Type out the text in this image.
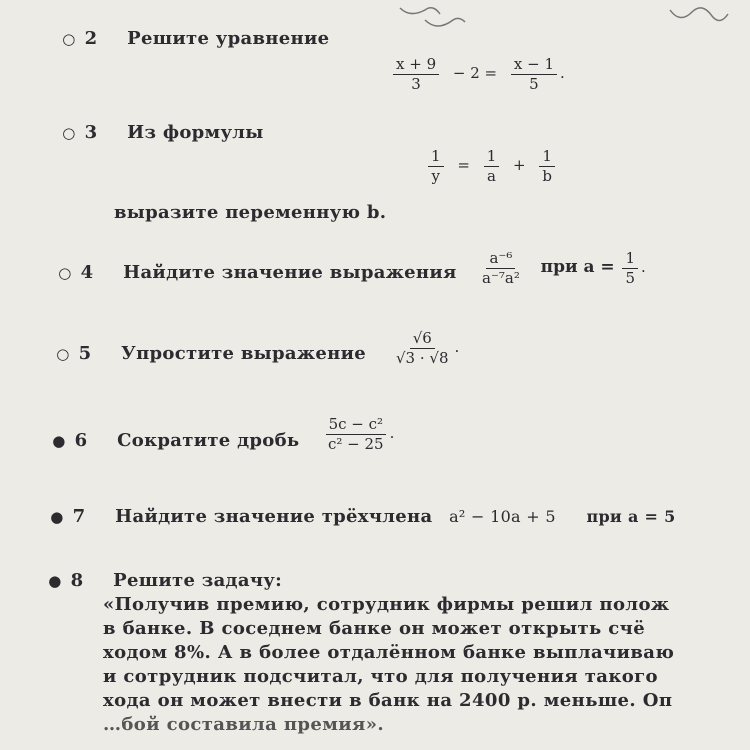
○ 2 Решите уравнение
$\frac{x + 9}{3} - 2 = \frac{x - 1}{5}$ .
○ 3 Из формулы
$\frac{1}{y} = \frac{1}{a} + \frac{1}{b}$
выразите переменную b.
○ 4 Найдите значение выражения $\frac{\text{a⁻⁶}}{\text{a⁻⁷a²}}$ при $a = \frac{1}{5}$ .
○ 5 Упростите выражение $\frac{√6}{√3 \cdot √8}$ .
● 6 Сократите дробь $\frac{\text{5c − c²}}{\text{c² − 25}}$ .
● 7 Найдите значение трёхчлена a² − 10a + 5 при a = 5
● 8 Решите задачу:
«Получив премию, сотрудник фирмы решил полож
в банке. В соседнем банке он может открыть счё
ходом 8%. А в более отдалённом банке выплачиваю
и сотрудник подсчитал, что для получения такого
хода он может внести в банк на 2400 р. меньше. Оп
…бой составила премия».
